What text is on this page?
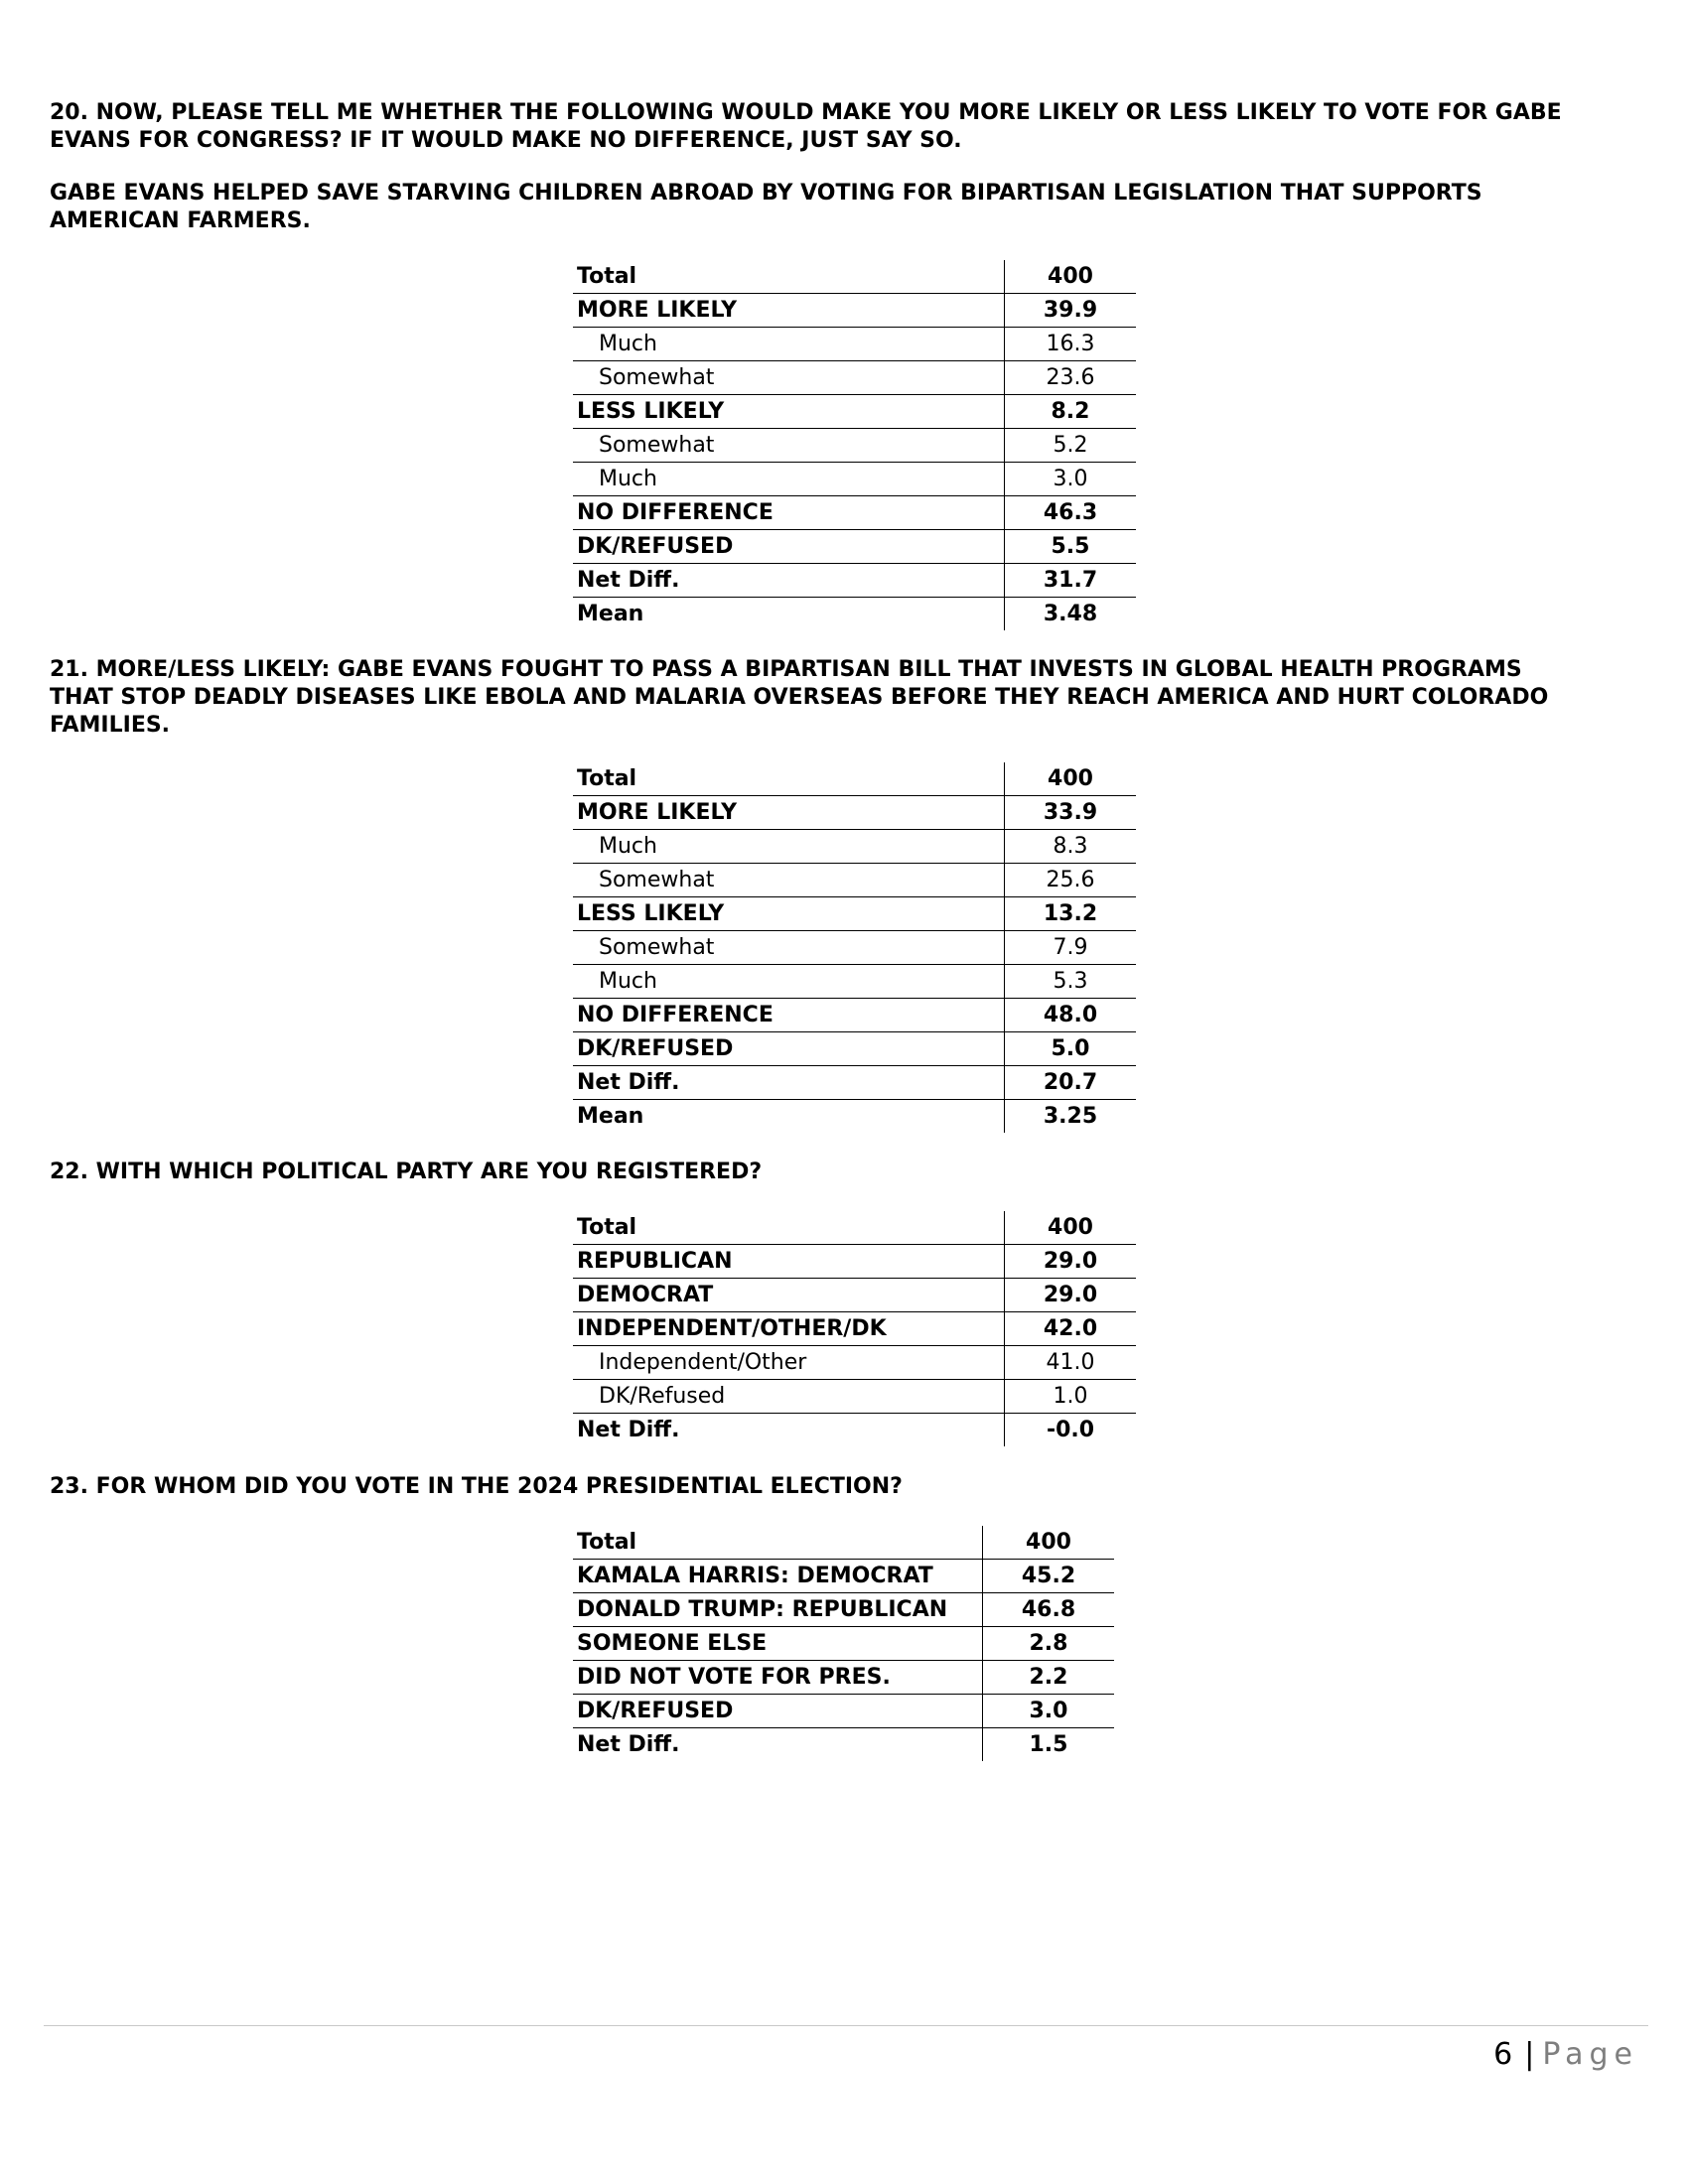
20. NOW, PLEASE TELL ME WHETHER THE FOLLOWING WOULD MAKE YOU MORE LIKELY OR LESS LIKELY TO VOTE FOR GABE
EVANS FOR CONGRESS? IF IT WOULD MAKE NO DIFFERENCE, JUST SAY SO.
GABE EVANS HELPED SAVE STARVING CHILDREN ABROAD BY VOTING FOR BIPARTISAN LEGISLATION THAT SUPPORTS
AMERICAN FARMERS.
Total	400
MORE LIKELY	39.9
Much	16.3
Somewhat	23.6
LESS LIKELY	8.2
Somewhat	5.2
Much	3.0
NO DIFFERENCE	46.3
DK/REFUSED	5.5
Net Diff.	31.7
Mean	3.48
21. MORE/LESS LIKELY: GABE EVANS FOUGHT TO PASS A BIPARTISAN BILL THAT INVESTS IN GLOBAL HEALTH PROGRAMS
THAT STOP DEADLY DISEASES LIKE EBOLA AND MALARIA OVERSEAS BEFORE THEY REACH AMERICA AND HURT COLORADO
FAMILIES.
Total	400
MORE LIKELY	33.9
Much	8.3
Somewhat	25.6
LESS LIKELY	13.2
Somewhat	7.9
Much	5.3
NO DIFFERENCE	48.0
DK/REFUSED	5.0
Net Diff.	20.7
Mean	3.25
22. WITH WHICH POLITICAL PARTY ARE YOU REGISTERED?
Total	400
REPUBLICAN	29.0
DEMOCRAT	29.0
INDEPENDENT/OTHER/DK	42.0
Independent/Other	41.0
DK/Refused	1.0
Net Diff.	-0.0
23. FOR WHOM DID YOU VOTE IN THE 2024 PRESIDENTIAL ELECTION?
Total	400
KAMALA HARRIS: DEMOCRAT	45.2
DONALD TRUMP: REPUBLICAN	46.8
SOMEONE ELSE	2.8
DID NOT VOTE FOR PRES.	2.2
DK/REFUSED	3.0
Net Diff.	1.5
6 | Page
